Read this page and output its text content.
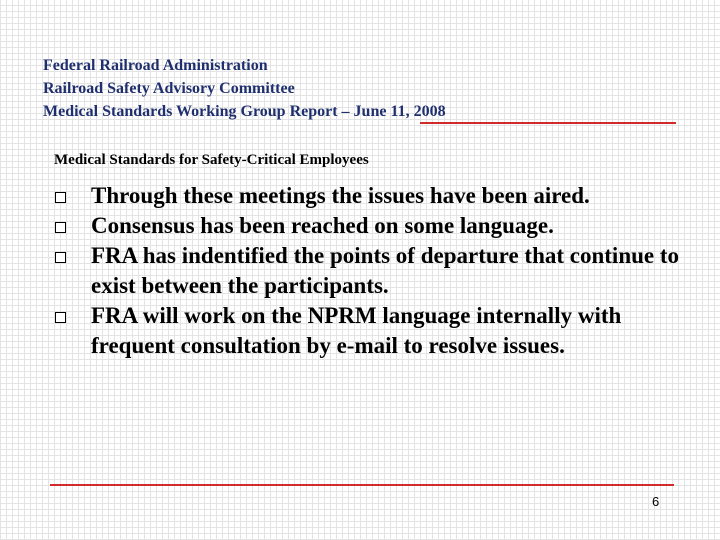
Federal Railroad Administration
Railroad Safety Advisory Committee
Medical Standards Working Group Report – June 11, 2008
Medical Standards for Safety-Critical Employees
Through these meetings the issues have been aired.
Consensus has been reached on some language.
FRA has indentified the points of departure that continue to exist between the participants.
FRA will work on the NPRM language internally with frequent consultation by e-mail to resolve issues.
6
